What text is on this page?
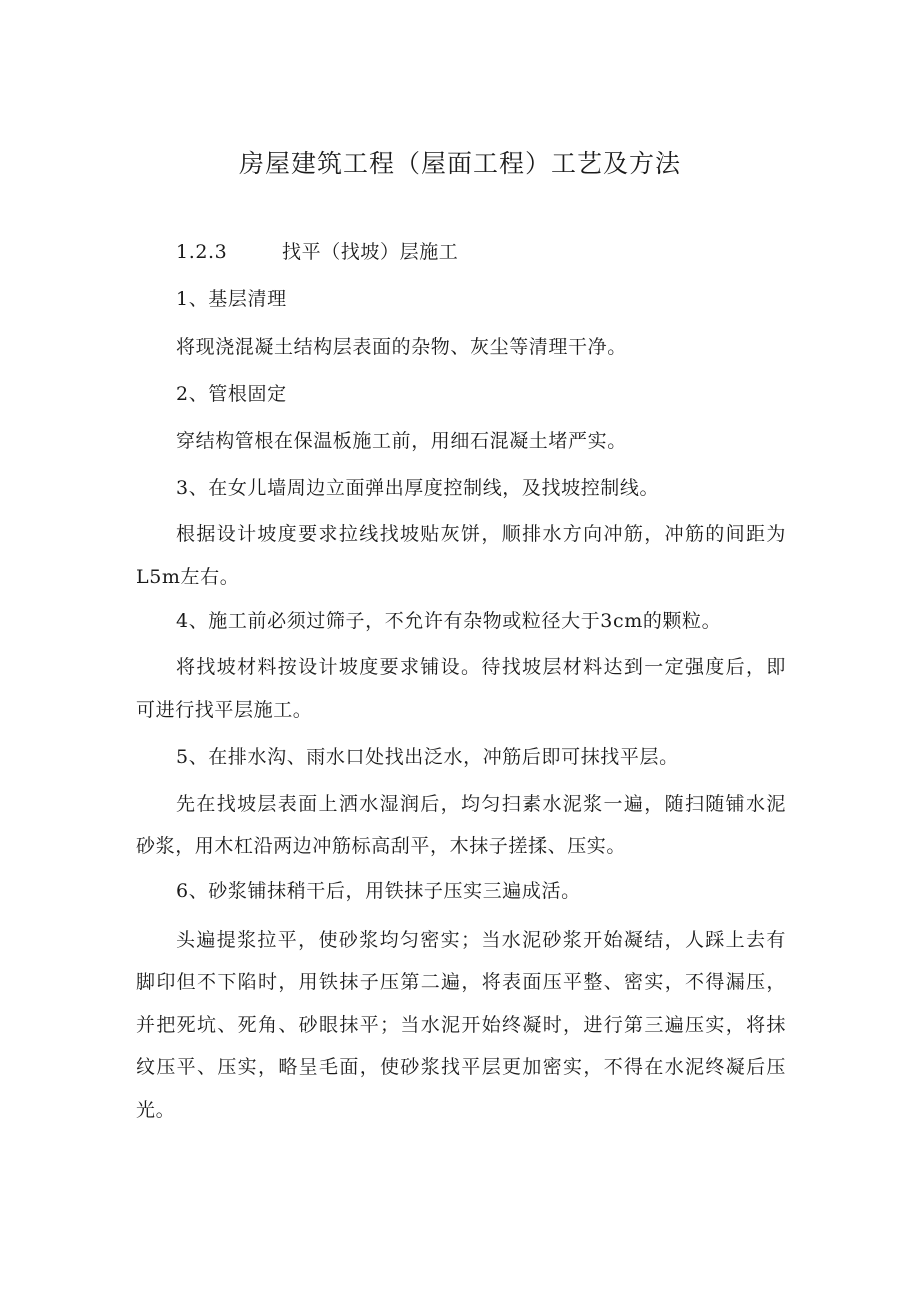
房屋建筑工程（屋面工程）工艺及方法
1.2.3	找平（找坡）层施工
1、基层清理
将现浇混凝土结构层表面的杂物、灰尘等清理干净。
2、管根固定
穿结构管根在保温板施工前，用细石混凝土堵严实。
3、在女儿墙周边立面弹出厚度控制线，及找坡控制线。
根据设计坡度要求拉线找坡贴灰饼，顺排水方向冲筋，冲筋的间距为
L5m左右。
4、施工前必须过筛子，不允许有杂物或粒径大于3cm的颗粒。
将找坡材料按设计坡度要求铺设。待找坡层材料达到一定强度后，即
可进行找平层施工。
5、在排水沟、雨水口处找出泛水，冲筋后即可抹找平层。
先在找坡层表面上洒水湿润后，均匀扫素水泥浆一遍，随扫随铺水泥
砂浆，用木杠沿两边冲筋标高刮平，木抹子搓揉、压实。
6、砂浆铺抹稍干后，用铁抹子压实三遍成活。
头遍提浆拉平，使砂浆均匀密实；当水泥砂浆开始凝结，人踩上去有
脚印但不下陷时，用铁抹子压第二遍，将表面压平整、密实，不得漏压，
并把死坑、死角、砂眼抹平；当水泥开始终凝时，进行第三遍压实，将抹
纹压平、压实，略呈毛面，使砂浆找平层更加密实，不得在水泥终凝后压
光。
